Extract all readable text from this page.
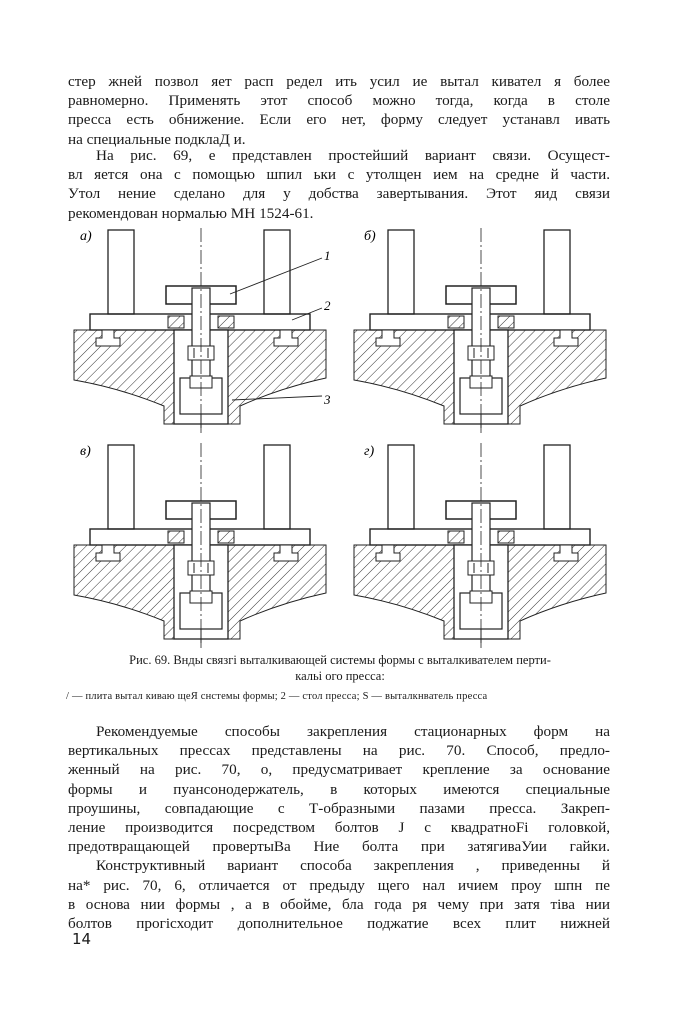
стер жней позвол яет расп редел ить усил ие вытал кивател я более
равномерно. Применять этот способ можно тогда, когда в столе
пресса есть обнижение. Если его нет, форму следует устанавл ивать
на специальные подклаД и.
На рис. 69, е представлен простейший вариант связи. Осущест-
вл яется она с помощью шпил ьки с утолщен ием на средне й части.
Утол нение сделано для у добства завертывания. Этот яид связи
рекомендован нормалью МН 1524-61.
а)	б)
в)	г)
1
2
3
Рис. 69. Внды связгі выталкивающей системы формы с выталкивателем перти-
кальі ого пресса:
/ — плита вытал киваю щеЯ снстемы формы; 2 — стол пресса; S — выталкнватель пресса
Рекомендуемые способы закрепления стационарных форм на
вертикальных прессах представлены на рис. 70. Способ, предло-
женный на рис. 70, о, предусматривает крепление за основание
формы и пуансонодержатель, в которых имеются специальные
проушины, совпадающие с Т-образными пазами пресса. Закреп-
ление производится посредством болтов J с квадратноFi головкой,
предотвращающей провертыВа Ние болта при затягиваУии гайки.
Конструктивный вариант способа закрепления , приведенны й
на* рис. 70, 6, отличается от предыду щего нал ичием проу шпн пе
в основа нии формы , а в обойме, бла года ря чему при затя тіва нии
болтов прогісходит дополнительное поджатие всех плит нижней
14
